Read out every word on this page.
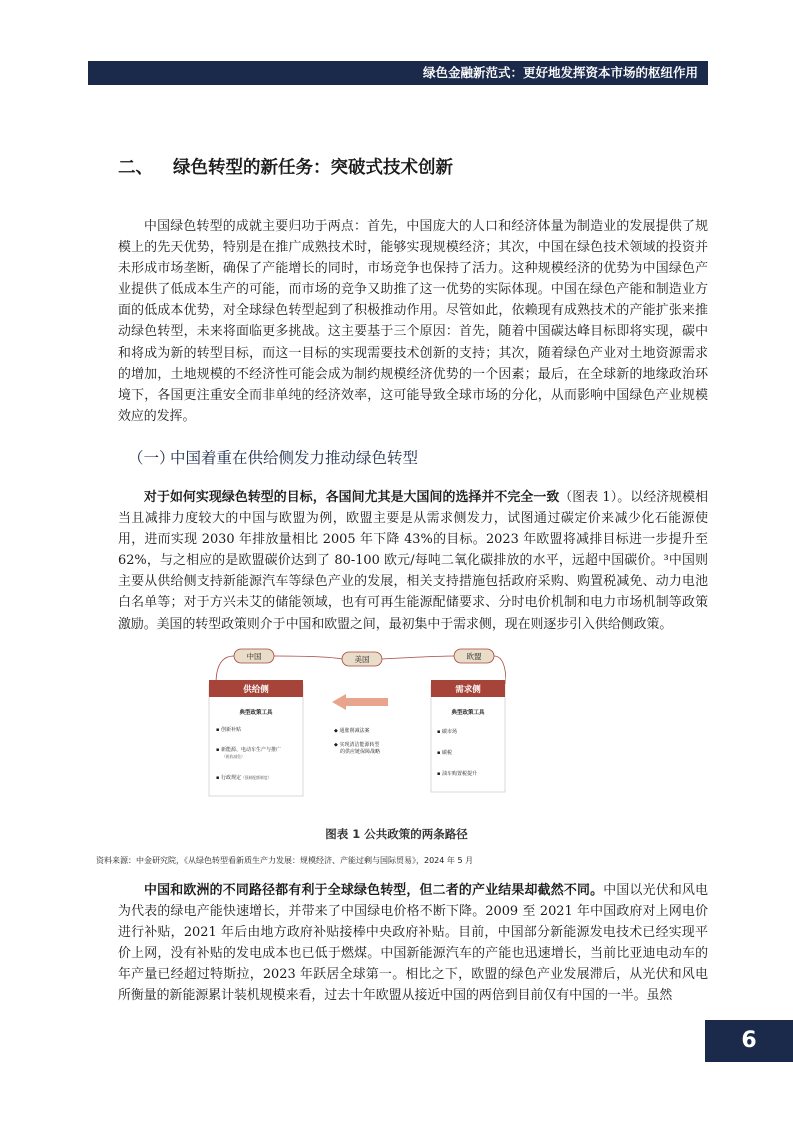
绿色金融新范式：更好地发挥资本市场的枢纽作用
二、 绿色转型的新任务：突破式技术创新

中国绿色转型的成就主要归功于两点：首先，中国庞大的人口和经济体量为制造业的发展提供了规模上的先天优势，特别是在推广成熟技术时，能够实现规模经济；其次，中国在绿色技术领域的投资并未形成市场垄断，确保了产能增长的同时，市场竞争也保持了活力。这种规模经济的优势为中国绿色产业提供了低成本生产的可能，而市场的竞争又助推了这一优势的实际体现。中国在绿色产能和制造业方面的低成本优势，对全球绿色转型起到了积极推动作用。尽管如此，依赖现有成熟技术的产能扩张来推动绿色转型，未来将面临更多挑战。这主要基于三个原因：首先，随着中国碳达峰目标即将实现，碳中和将成为新的转型目标，而这一目标的实现需要技术创新的支持；其次，随着绿色产业对土地资源需求的增加，土地规模的不经济性可能会成为制约规模经济优势的一个因素；最后，在全球新的地缘政治环境下，各国更注重安全而非单纯的经济效率，这可能导致全球市场的分化，从而影响中国绿色产业规模效应的发挥。

（一）中国着重在供给侧发力推动绿色转型

对于如何实现绿色转型的目标，各国间尤其是大国间的选择并不完全一致（图表 1）。以经济规模相当且减排力度较大的中国与欧盟为例，欧盟主要是从需求侧发力，试图通过碳定价来减少化石能源使用，进而实现 2030 年排放量相比 2005 年下降 43%的目标。2023 年欧盟将减排目标进一步提升至 62%，与之相应的是欧盟碳价达到了 80-100 欧元/每吨二氧化碳排放的水平，远超中国碳价。³中国则主要从供给侧支持新能源汽车等绿色产业的发展，相关支持措施包括政府采购、购置税减免、动力电池白名单等；对于方兴未艾的储能领域，也有可再生能源配储要求、分时电价机制和电力市场机制等政策激励。美国的转型政策则介于中国和欧盟之间，最初集中于需求侧，现在则逐步引入供给侧政策。

中国	美国	欧盟
供给侧
典型政策工具
▪ 创新补贴
▪ 新能源、电动车生产与推广
（税收减免）
▪ 行政规定（强制配额制度）
◆ 通胀削减法案
◆ 实现清洁能源转型
的供应链保障战略
需求侧
典型政策工具
▪ 碳市场
▪ 碳税
▪ 油车购置税提升
图表 1 公共政策的两条路径
资料来源：中金研究院，《从绿色转型看新质生产力发展：规模经济、产能过剩与国际贸易》，2024 年 5 月

中国和欧洲的不同路径都有利于全球绿色转型，但二者的产业结果却截然不同。中国以光伏和风电为代表的绿电产能快速增长，并带来了中国绿电价格不断下降。2009 至 2021 年中国政府对上网电价进行补贴，2021 年后由地方政府补贴接棒中央政府补贴。目前，中国部分新能源发电技术已经实现平价上网，没有补贴的发电成本也已低于燃煤。中国新能源汽车的产能也迅速增长，当前比亚迪电动车的年产量已经超过特斯拉，2023 年跃居全球第一。相比之下，欧盟的绿色产业发展滞后，从光伏和风电所衡量的新能源累计装机规模来看，过去十年欧盟从接近中国的两倍到目前仅有中国的一半。虽然

6
